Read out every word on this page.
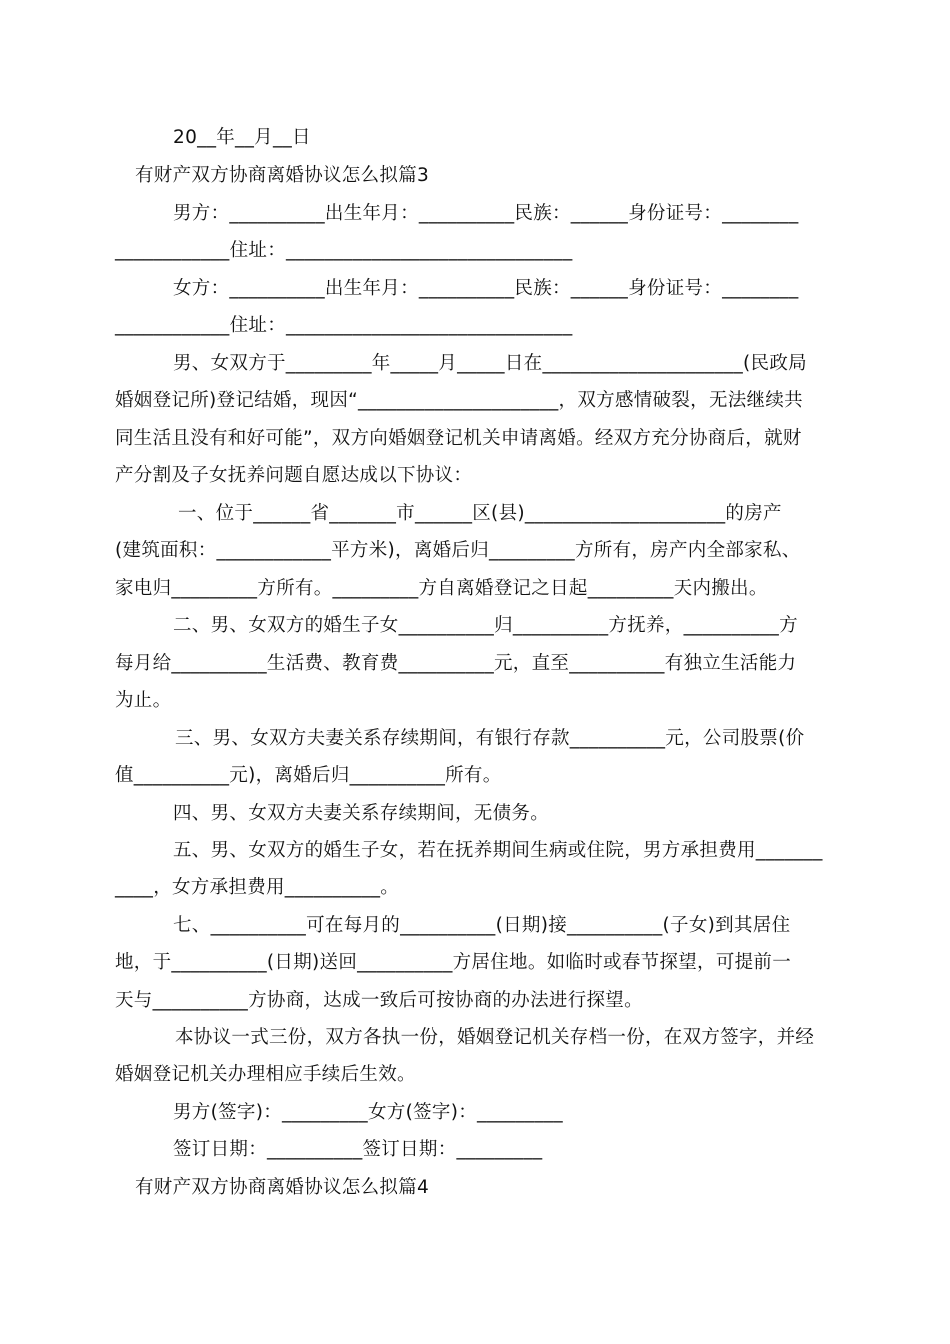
20__年__月__日
有财产双方协商离婚协议怎么拟篇3
男方：__________出生年月：__________民族：______身份证号：________
____________住址：______________________________
女方：__________出生年月：__________民族：______身份证号：________
____________住址：______________________________
男、女双方于_________年_____月_____日在_____________________(民政局
婚姻登记所)登记结婚，现因“_____________________，双方感情破裂，无法继续共
同生活且没有和好可能”，双方向婚姻登记机关申请离婚。经双方充分协商后，就财
产分割及子女抚养问题自愿达成以下协议：
一、位于______省_______市______区(县)_____________________的房产
(建筑面积：____________平方米)，离婚后归_________方所有，房产内全部家私、
家电归_________方所有。_________方自离婚登记之日起_________天内搬出。
二、男、女双方的婚生子女__________归__________方抚养，__________方
每月给__________生活费、教育费__________元，直至__________有独立生活能力
为止。
三、男、女双方夫妻关系存续期间，有银行存款__________元，公司股票(价
值__________元)，离婚后归__________所有。
四、男、女双方夫妻关系存续期间，无债务。
五、男、女双方的婚生子女，若在抚养期间生病或住院，男方承担费用_______
____，女方承担费用__________。
七、__________可在每月的__________(日期)接__________(子女)到其居住
地，于__________(日期)送回__________方居住地。如临时或春节探望，可提前一
天与__________方协商，达成一致后可按协商的办法进行探望。
本协议一式三份，双方各执一份，婚姻登记机关存档一份，在双方签字，并经
婚姻登记机关办理相应手续后生效。
男方(签字)：_________女方(签字)：_________
签订日期：__________签订日期：_________
有财产双方协商离婚协议怎么拟篇4
